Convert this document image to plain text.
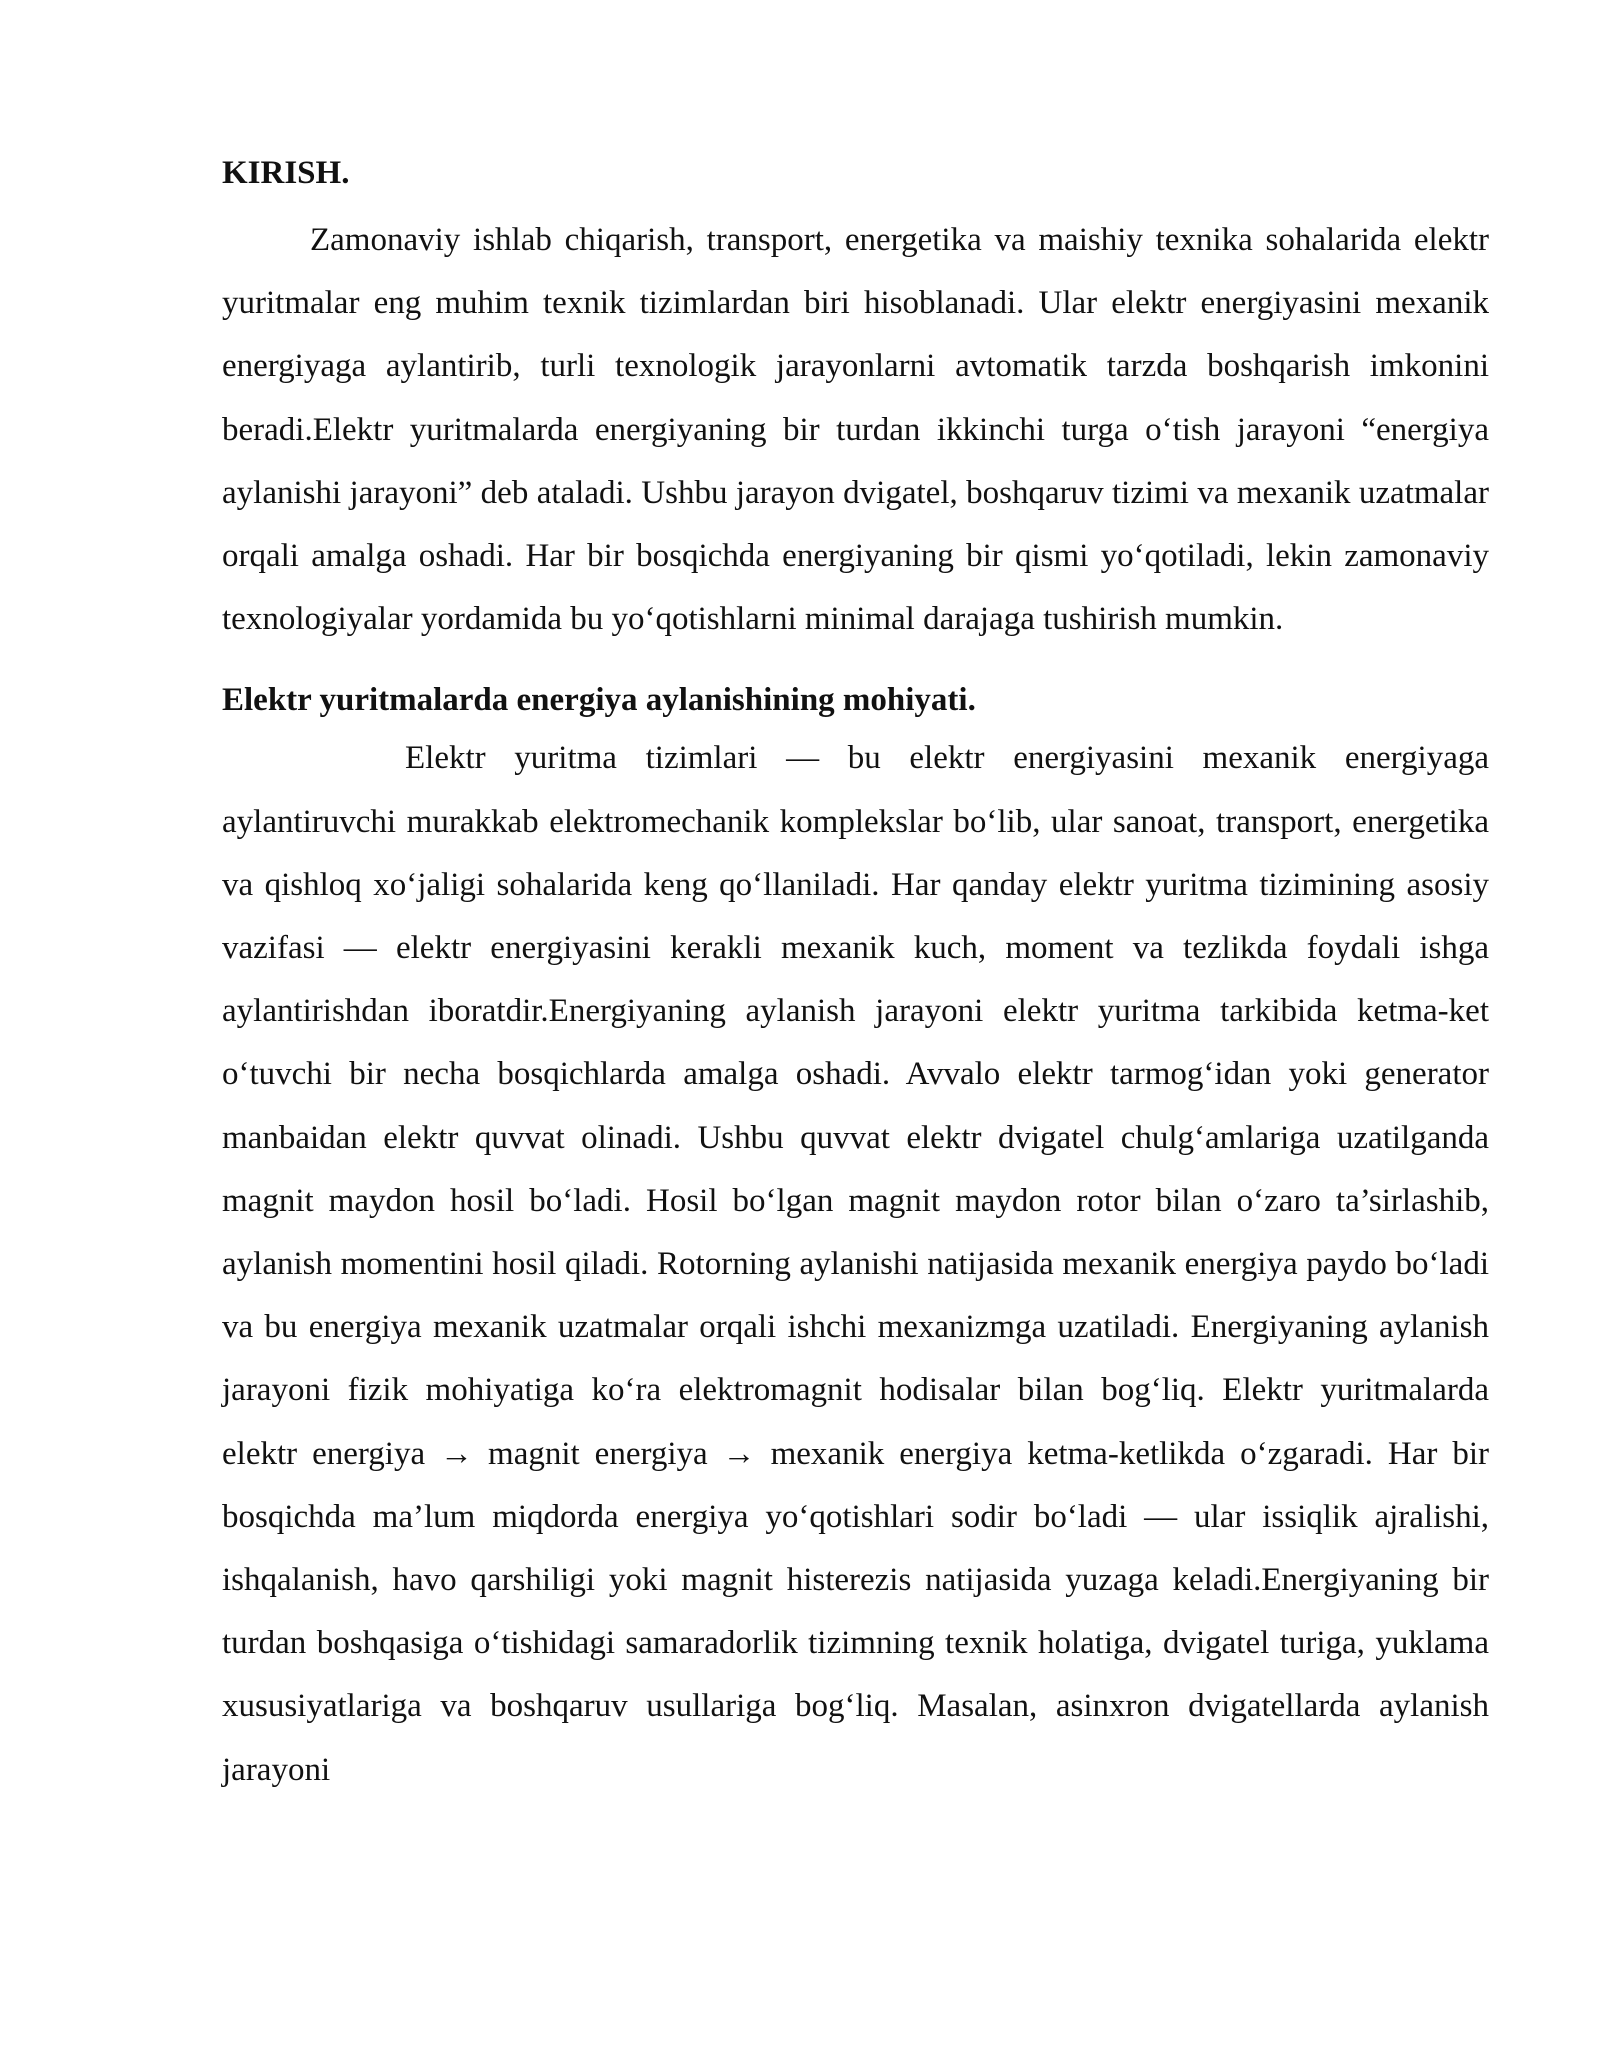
KIRISH.

Zamonaviy ishlab chiqarish, transport, energetika va maishiy texnika sohalarida elektr yuritmalar eng muhim texnik tizimlardan biri hisoblanadi. Ular elektr energiyasini mexanik energiyaga aylantirib, turli texnologik jarayonlarni avtomatik tarzda boshqarish imkonini beradi.Elektr yuritmalarda energiyaning bir turdan ikkinchi turga o‘tish jarayoni “energiya aylanishi jarayoni” deb ataladi. Ushbu jarayon dvigatel, boshqaruv tizimi va mexanik uzatmalar orqali amalga oshadi. Har bir bosqichda energiyaning bir qismi yo‘qotiladi, lekin zamonaviy texnologiyalar yordamida bu yo‘qotishlarni minimal darajaga tushirish mumkin.

Elektr yuritmalarda energiya aylanishining mohiyati.

Elektr yuritma tizimlari — bu elektr energiyasini mexanik energiyaga aylantiruvchi murakkab elektromechanik komplekslar bo‘lib, ular sanoat, transport, energetika va qishloq xo‘jaligi sohalarida keng qo‘llaniladi. Har qanday elektr yuritma tizimining asosiy vazifasi — elektr energiyasini kerakli mexanik kuch, moment va tezlikda foydali ishga aylantirishdan iboratdir.Energiyaning aylanish jarayoni elektr yuritma tarkibida ketma-ket o‘tuvchi bir necha bosqichlarda amalga oshadi. Avvalo elektr tarmog‘idan yoki generator manbaidan elektr quvvat olinadi. Ushbu quvvat elektr dvigatel chulg‘amlariga uzatilganda magnit maydon hosil bo‘ladi. Hosil bo‘lgan magnit maydon rotor bilan o‘zaro ta’sirlashib, aylanish momentini hosil qiladi. Rotorning aylanishi natijasida mexanik energiya paydo bo‘ladi va bu energiya mexanik uzatmalar orqali ishchi mexanizmga uzatiladi. Energiyaning aylanish jarayoni fizik mohiyatiga ko‘ra elektromagnit hodisalar bilan bog‘liq. Elektr yuritmalarda elektr energiya → magnit energiya → mexanik energiya ketma-ketlikda o‘zgaradi. Har bir bosqichda ma’lum miqdorda energiya yo‘qotishlari sodir bo‘ladi — ular issiqlik ajralishi, ishqalanish, havo qarshiligi yoki magnit histerezis natijasida yuzaga keladi.Energiyaning bir turdan boshqasiga o‘tishidagi samaradorlik tizimning texnik holatiga, dvigatel turiga, yuklama xususiyatlariga va boshqaruv usullariga bog‘liq. Masalan, asinxron dvigatellarda aylanish jarayoni
